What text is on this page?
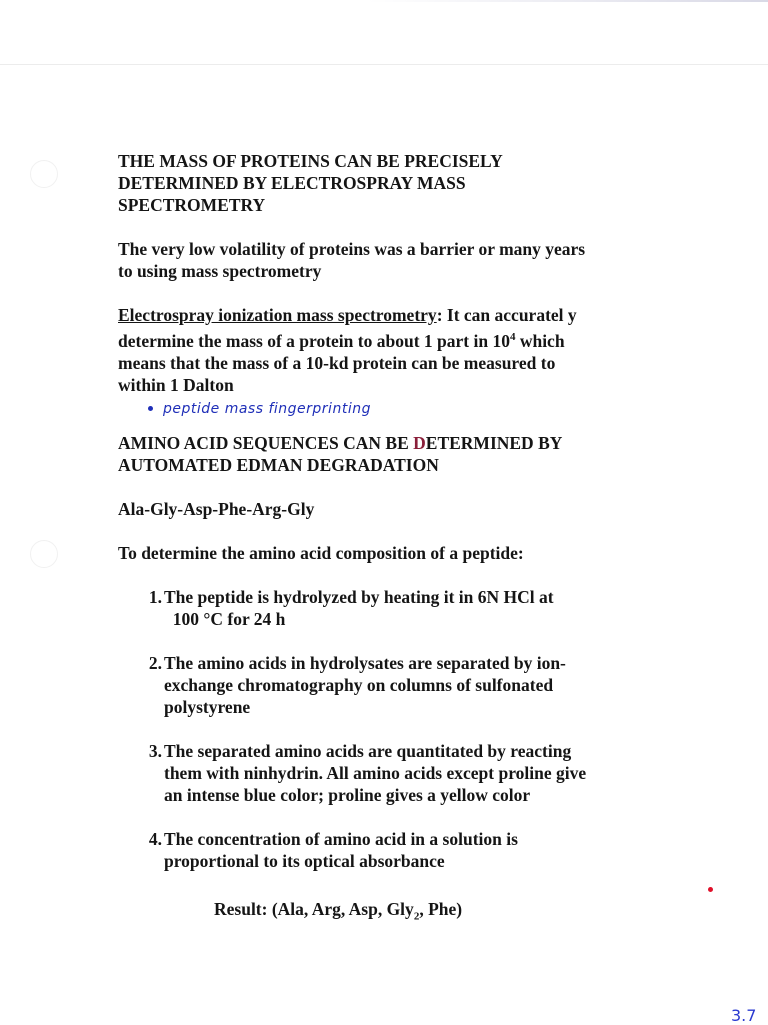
THE MASS OF PROTEINS CAN BE PRECISELY
DETERMINED BY ELECTROSPRAY MASS
SPECTROMETRY
The very low volatility of proteins was a barrier or many years
to using mass spectrometry
Electrospray ionization mass spectrometry: It can accuratel y
determine the mass of a protein to about 1 part in $10^4$ which
means that the mass of a 10-kd protein can be measured to
within 1 Dalton
peptide mass fingerprinting
AMINO ACID SEQUENCES CAN BE DETERMINED BY
AUTOMATED EDMAN DEGRADATION
Ala-Gly-Asp-Phe-Arg-Gly
To determine the amino acid composition of a peptide:
1. The peptide is hydrolyzed by heating it in 6N HCl at
100 °C for 24 h
2. The amino acids in hydrolysates are separated by ion-
exchange chromatography on columns of sulfonated
polystyrene
3. The separated amino acids are quantitated by reacting
them with ninhydrin. All amino acids except proline give
an intense blue color; proline gives a yellow color
4. The concentration of amino acid in a solution is
proportional to its optical absorbance
Result: (Ala, Arg, Asp, Gly$_2$, Phe)
3.7
